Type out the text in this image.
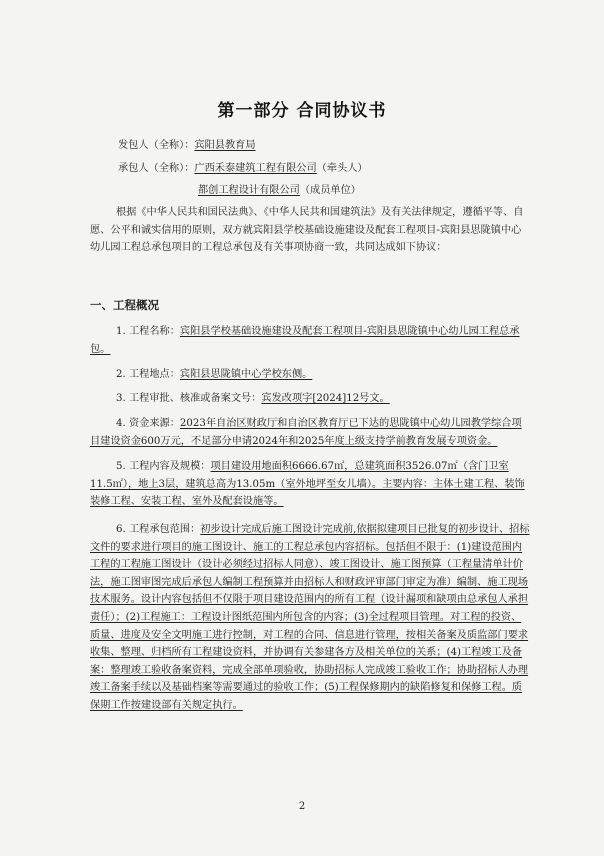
第一部分 合同协议书
发包人（全称）：宾阳县教育局
承包人（全称）：广西禾泰建筑工程有限公司（牵头人）
都创工程设计有限公司（成员单位）

根据《中华人民共和国民法典》、《中华人民共和国建筑法》及有关法律规定，遵循平等、自愿、公平和诚实信用的原则，双方就宾阳县学校基础设施建设及配套工程项目-宾阳县思陇镇中心幼儿园工程总承包项目的工程总承包及有关事项协商一致，共同达成如下协议：

一、工程概况

1. 工程名称：宾阳县学校基础设施建设及配套工程项目-宾阳县思陇镇中心幼儿园工程总承包。

2. 工程地点：宾阳县思陇镇中心学校东侧。

3. 工程审批、核准或备案文号：宾发改项字[2024]12号文。

4. 资金来源：2023年自治区财政厅和自治区教育厅已下达的思陇镇中心幼儿园教学综合项目建设资金600万元，不足部分申请2024年和2025年度上级支持学前教育发展专项资金。

5. 工程内容及规模：项目建设用地面积6666.67㎡，总建筑面积3526.07㎡（含门卫室11.5㎡），地上3层，建筑总高为13.05m（室外地坪至女儿墙）。主要内容：主体土建工程、装饰装修工程、安装工程、室外及配套设施等。

6. 工程承包范围：初步设计完成后施工图设计完成前,依据拟建项目已批复的初步设计、招标文件的要求进行项目的施工图设计、施工的工程总承包内容招标。包括但不限于：(1)建设范围内工程的工程施工图设计（设计必须经过招标人同意）、竣工图设计、施工图预算（工程量清单计价法，施工图审图完成后承包人编制工程预算并由招标人和财政评审部门审定为准）编制、施工现场技术服务。设计内容包括但不仅限于项目建设范围内的所有工程（设计漏项和缺项由总承包人承担责任）；(2)工程施工：工程设计图纸范围内所包含的内容；(3)全过程项目管理。对工程的投资、质量、进度及安全文明施工进行控制，对工程的合同、信息进行管理，按相关备案及质监部门要求收集、整理、归档所有工程建设资料，并协调有关参建各方及相关单位的关系；(4)工程竣工及备案：整理竣工验收备案资料，完成全部单项验收，协助招标人完成竣工验收工作；协助招标人办理竣工备案手续以及基础档案等需要通过的验收工作；(5)工程保修期内的缺陷修复和保修工程。质保期工作按建设部有关规定执行。

2
